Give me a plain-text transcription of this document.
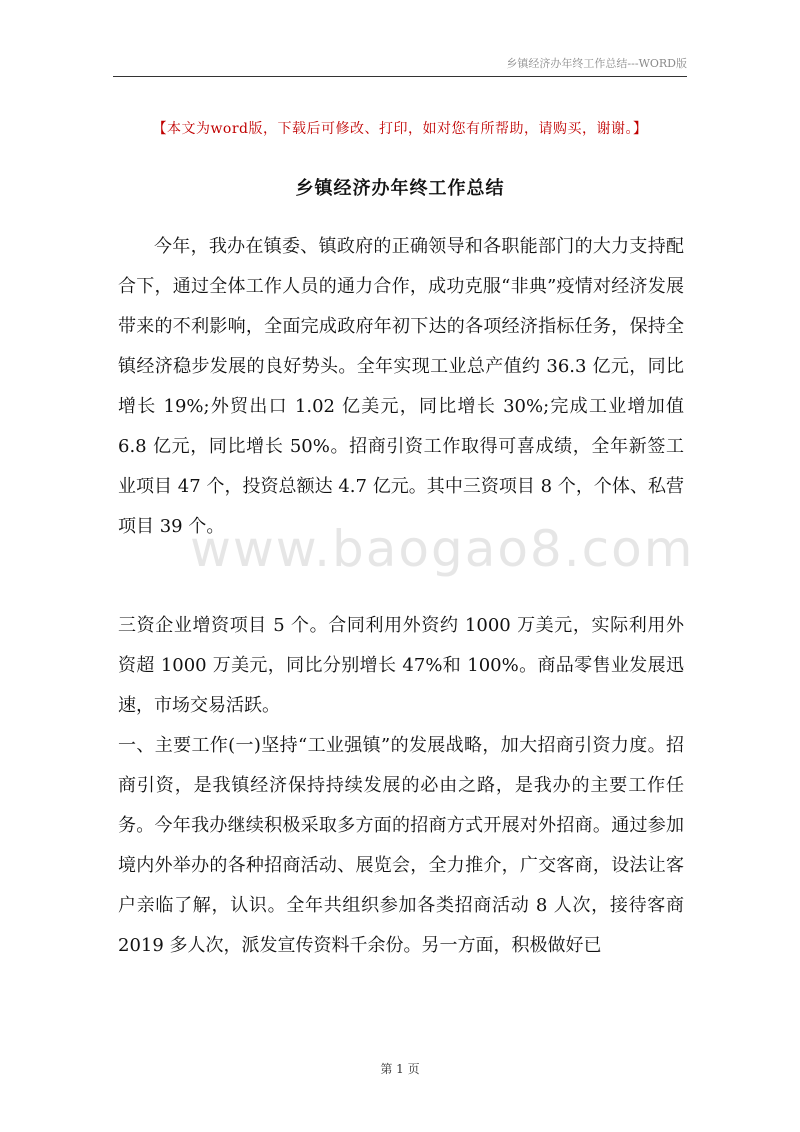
乡镇经济办年终工作总结---WORD版
【本文为word版，下载后可修改、打印，如对您有所帮助，请购买，谢谢。】
乡镇经济办年终工作总结
今年，我办在镇委、镇政府的正确领导和各职能部门的大力支持配合下，通过全体工作人员的通力合作，成功克服“非典”疫情对经济发展带来的不利影响，全面完成政府年初下达的各项经济指标任务，保持全镇经济稳步发展的良好势头。全年实现工业总产值约 36.3 亿元，同比增长 19%;外贸出口 1.02 亿美元，同比增长 30%;完成工业增加值 6.8 亿元，同比增长 50%。招商引资工作取得可喜成绩，全年新签工业项目 47 个，投资总额达 4.7 亿元。其中三资项目 8 个，个体、私营项目 39 个。
三资企业增资项目 5 个。合同利用外资约 1000 万美元，实际利用外资超 1000 万美元，同比分别增长 47%和 100%。商品零售业发展迅速，市场交易活跃。
一、主要工作(一)坚持“工业强镇”的发展战略，加大招商引资力度。招商引资，是我镇经济保持持续发展的必由之路，是我办的主要工作任务。今年我办继续积极采取多方面的招商方式开展对外招商。通过参加境内外举办的各种招商活动、展览会，全力推介，广交客商，设法让客户亲临了解，认识。全年共组织参加各类招商活动 8 人次，接待客商 2019 多人次，派发宣传资料千余份。另一方面，积极做好已
www.baogao8.com
第 1 页
